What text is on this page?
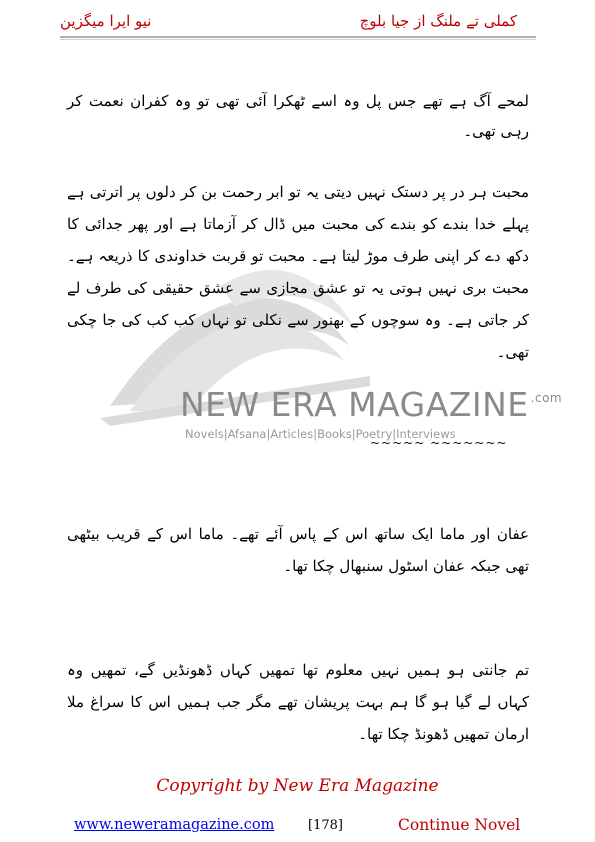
کملی تے ملنگ از جیا بلوچ
نیو ایرا میگزین
NEW ERA MAGAZINE $^{.com}$
Novels|Afsana|Articles|Books|Poetry|Interviews
لمحے آگ ہے تھے جس پل وہ اسے ٹھکرا آئی تھی تو وہ کفران نعمت کر رہی تھی۔
محبت ہر در پر دستک نہیں دیتی یہ تو ابر رحمت بن کر دلوں پر اترتی ہے پہلے خدا بندے کو بندے کی محبت میں ڈال کر آزماتا ہے اور پھر جدائی کا دکھ دے کر اپنی طرف موڑ لیتا ہے۔ محبت تو قربت خداوندی کا ذریعہ ہے۔ محبت بری نہیں ہوتی یہ تو عشق مجازی سے عشق حقیقی کی طرف لے کر جاتی ہے۔ وہ سوچوں کے بھنور سے نکلی تو نہاں کب کب کی جا چکی تھی۔
~~~~~ ~~~~~~~
عفان اور ماما ایک ساتھ اس کے پاس آئے تھے۔ ماما اس کے قریب بیٹھی تھی جبکہ عفان اسٹول سنبھال چکا تھا۔
تم جانتی ہو ہمیں نہیں معلوم تھا تمھیں کہاں ڈھونڈیں گے، تمھیں وہ کہاں لے گیا ہو گا ہم بہت پریشان تھے مگر جب ہمیں اس کا سراغ ملا ارمان تمھیں ڈھونڈ چکا تھا۔
Copyright by New Era Magazine
www.neweramagazine.com	[178]	Continue Novel
